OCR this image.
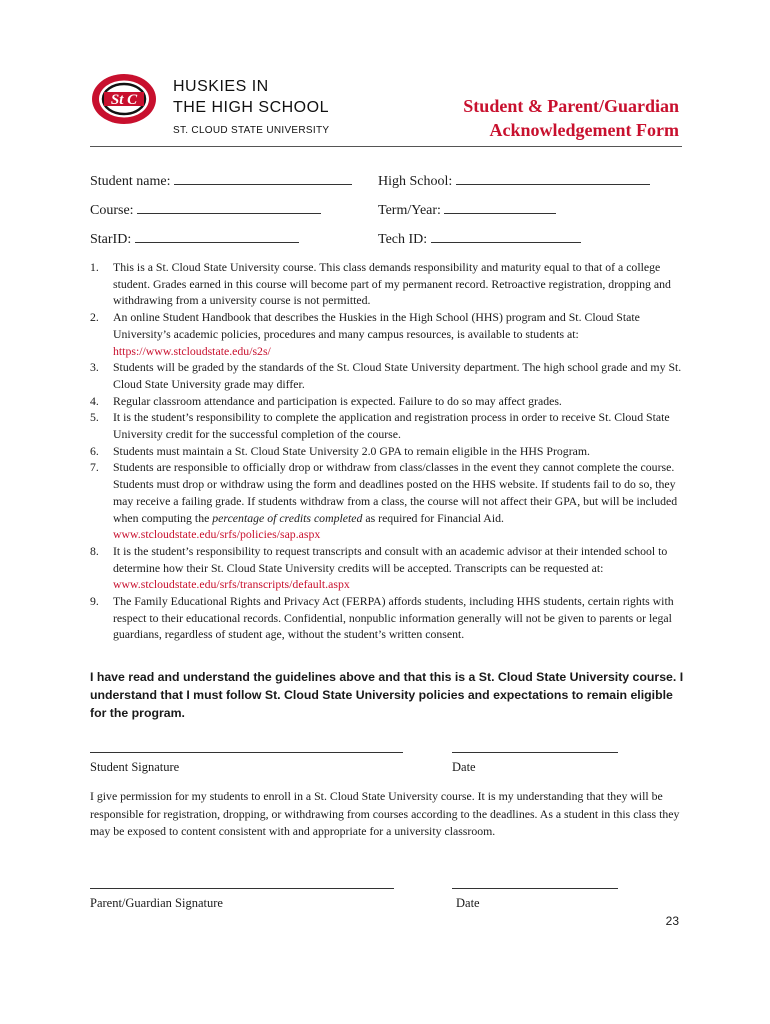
St C
HUSKIES IN
THE HIGH SCHOOL
ST. CLOUD STATE UNIVERSITY
Student & Parent/Guardian
Acknowledgement Form
Student name:	High School:
Course:	Term/Year:
StarID:	Tech ID:
1. This is a St. Cloud State University course. This class demands responsibility and maturity equal to that of a college student. Grades earned in this course will become part of my permanent record. Retroactive registration, dropping and withdrawing from a university course is not permitted.
2. An online Student Handbook that describes the Huskies in the High School (HHS) program and St. Cloud State University’s academic policies, procedures and many campus resources, is available to students at: https://www.stcloudstate.edu/s2s/
3. Students will be graded by the standards of the St. Cloud State University department. The high school grade and my St. Cloud State University grade may differ.
4. Regular classroom attendance and participation is expected. Failure to do so may affect grades.
5. It is the student’s responsibility to complete the application and registration process in order to receive St. Cloud State University credit for the successful completion of the course.
6. Students must maintain a St. Cloud State University 2.0 GPA to remain eligible in the HHS Program.
7. Students are responsible to officially drop or withdraw from class/classes in the event they cannot complete the course. Students must drop or withdraw using the form and deadlines posted on the HHS website. If students fail to do so, they may receive a failing grade. If students withdraw from a class, the course will not affect their GPA, but will be included when computing the percentage of credits completed as required for Financial Aid. www.stcloudstate.edu/srfs/policies/sap.aspx
8. It is the student’s responsibility to request transcripts and consult with an academic advisor at their intended school to determine how their St. Cloud State University credits will be accepted. Transcripts can be requested at: www.stcloudstate.edu/srfs/transcripts/default.aspx
9. The Family Educational Rights and Privacy Act (FERPA) affords students, including HHS students, certain rights with respect to their educational records. Confidential, nonpublic information generally will not be given to parents or legal guardians, regardless of student age, without the student’s written consent.
I have read and understand the guidelines above and that this is a St. Cloud State University course. I understand that I must follow St. Cloud State University policies and expectations to remain eligible for the program.
Student Signature	Date
I give permission for my students to enroll in a St. Cloud State University course. It is my understanding that they will be responsible for registration, dropping, or withdrawing from courses according to the deadlines. As a student in this class they may be exposed to content consistent with and appropriate for a university classroom.
Parent/Guardian Signature	Date
23
